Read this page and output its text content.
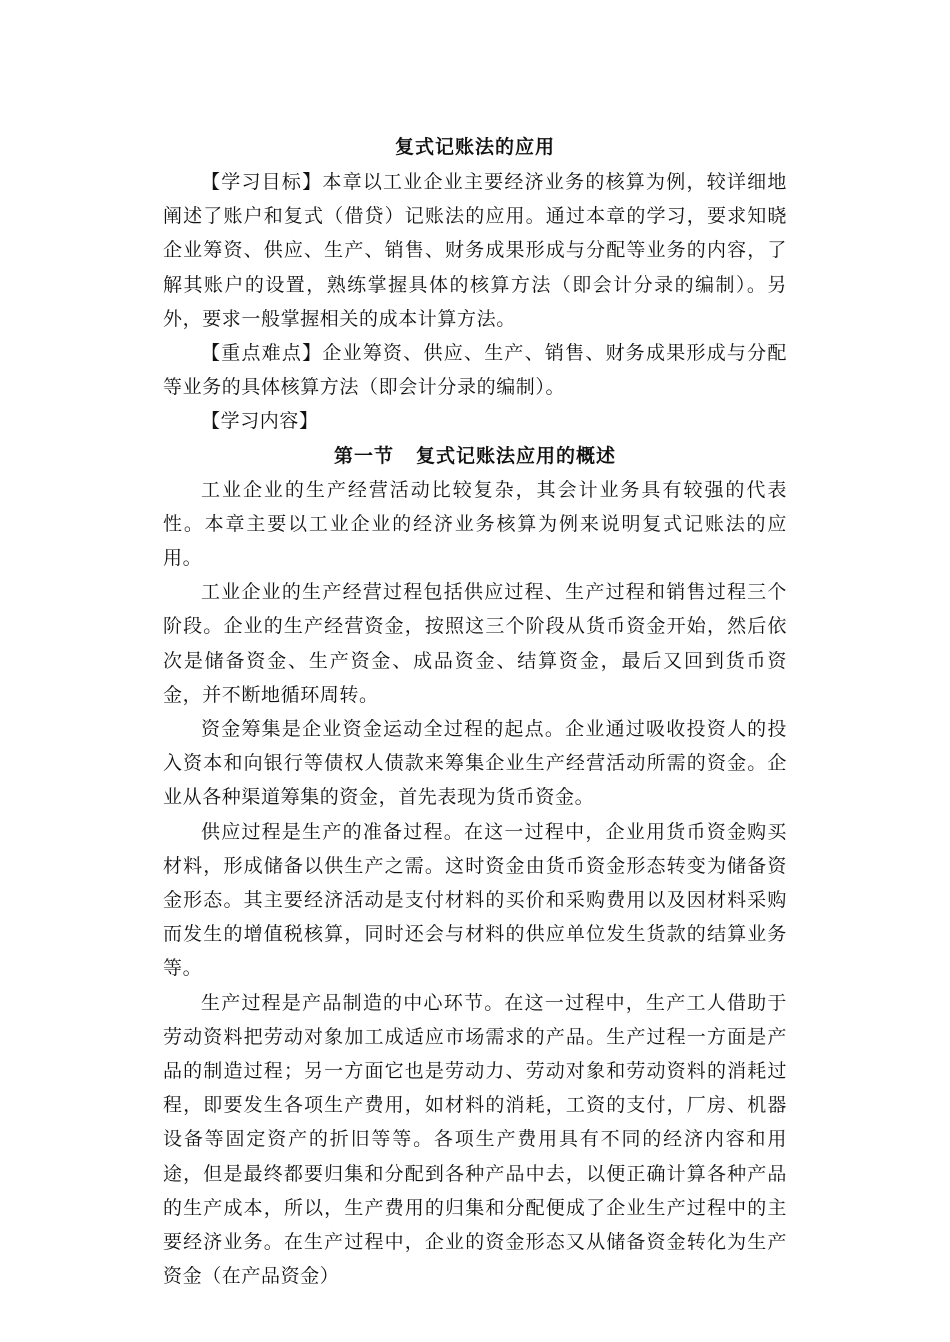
复式记账法的应用

【学习目标】本章以工业企业主要经济业务的核算为例，较详细地阐述了账户和复式（借贷）记账法的应用。通过本章的学习，要求知晓企业筹资、供应、生产、销售、财务成果形成与分配等业务的内容，了解其账户的设置，熟练掌握具体的核算方法（即会计分录的编制）。另外，要求一般掌握相关的成本计算方法。

【重点难点】企业筹资、供应、生产、销售、财务成果形成与分配等业务的具体核算方法（即会计分录的编制）。

【学习内容】

第一节 复式记账法应用的概述

工业企业的生产经营活动比较复杂，其会计业务具有较强的代表性。本章主要以工业企业的经济业务核算为例来说明复式记账法的应用。

工业企业的生产经营过程包括供应过程、生产过程和销售过程三个阶段。企业的生产经营资金，按照这三个阶段从货币资金开始，然后依次是储备资金、生产资金、成品资金、结算资金，最后又回到货币资金，并不断地循环周转。

资金筹集是企业资金运动全过程的起点。企业通过吸收投资人的投入资本和向银行等债权人债款来筹集企业生产经营活动所需的资金。企业从各种渠道筹集的资金，首先表现为货币资金。

供应过程是生产的准备过程。在这一过程中，企业用货币资金购买材料，形成储备以供生产之需。这时资金由货币资金形态转变为储备资金形态。其主要经济活动是支付材料的买价和采购费用以及因材料采购而发生的增值税核算，同时还会与材料的供应单位发生货款的结算业务等。

生产过程是产品制造的中心环节。在这一过程中，生产工人借助于劳动资料把劳动对象加工成适应市场需求的产品。生产过程一方面是产品的制造过程；另一方面它也是劳动力、劳动对象和劳动资料的消耗过程，即要发生各项生产费用，如材料的消耗，工资的支付，厂房、机器设备等固定资产的折旧等等。各项生产费用具有不同的经济内容和用途，但是最终都要归集和分配到各种产品中去，以便正确计算各种产品的生产成本，所以，生产费用的归集和分配便成了企业生产过程中的主要经济业务。在生产过程中，企业的资金形态又从储备资金转化为生产资金（在产品资金）
